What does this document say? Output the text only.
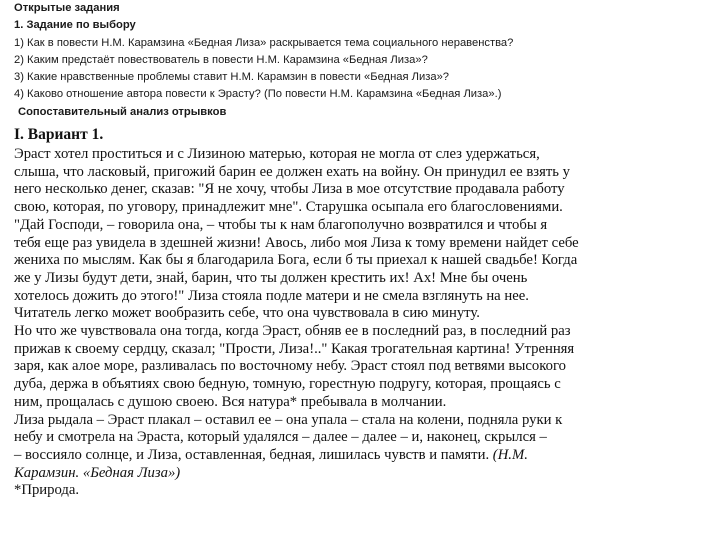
Открытые задания
1. Задание по выбору
1) Как в повести Н.М. Карамзина «Бедная Лиза» раскрывается тема социального неравенства?
2) Каким предстаёт повествователь в повести Н.М. Карамзина «Бедная Лиза»?
3) Какие нравственные проблемы ставит Н.М. Карамзин в повести «Бедная Лиза»?
4) Каково отношение автора повести к Эрасту? (По повести Н.М. Карамзина «Бедная Лиза».)
Сопоставительный анализ отрывков
I. Вариант 1.
Эраст хотел проститься и с Лизиною матерью, которая не могла от слез удержаться,
слыша, что ласковый, пригожий барин ее должен ехать на войну. Он принудил ее взять у
него несколько денег, сказав: "Я не хочу, чтобы Лиза в мое отсутствие продавала работу
свою, которая, по уговору, принадлежит мне". Старушка осыпала его благословениями.
"Дай Господи, – говорила она, – чтобы ты к нам благополучно возвратился и чтобы я
тебя еще раз увидела в здешней жизни! Авось, либо моя Лиза к тому времени найдет себе
жениха по мыслям. Как бы я благодарила Бога, если б ты приехал к нашей свадьбе! Когда
же у Лизы будут дети, знай, барин, что ты должен крестить их! Ах! Мне бы очень
хотелось дожить до этого!" Лиза стояла подле матери и не смела взглянуть на нее.
Читатель легко может вообразить себе, что она чувствовала в сию минуту.
Но что же чувствовала она тогда, когда Эраст, обняв ее в последний раз, в последний раз
прижав к своему сердцу, сказал; "Прости, Лиза!.." Какая трогательная картина! Утренняя
заря, как алое море, разливалась по восточному небу. Эраст стоял под ветвями высокого
дуба, держа в объятиях свою бедную, томную, горестную подругу, которая, прощаясь с
ним, прощалась с душою своею. Вся натура* пребывала в молчании.
Лиза рыдала – Эраст плакал – оставил ее – она упала – стала на колени, подняла руки к
небу и смотрела на Эраста, который удалялся – далее – далее – и, наконец, скрылся –
– воссияло солнце, и Лиза, оставленная, бедная, лишилась чувств и памяти. (Н.М.
Карамзин. «Бедная Лиза»)
*Природа.
